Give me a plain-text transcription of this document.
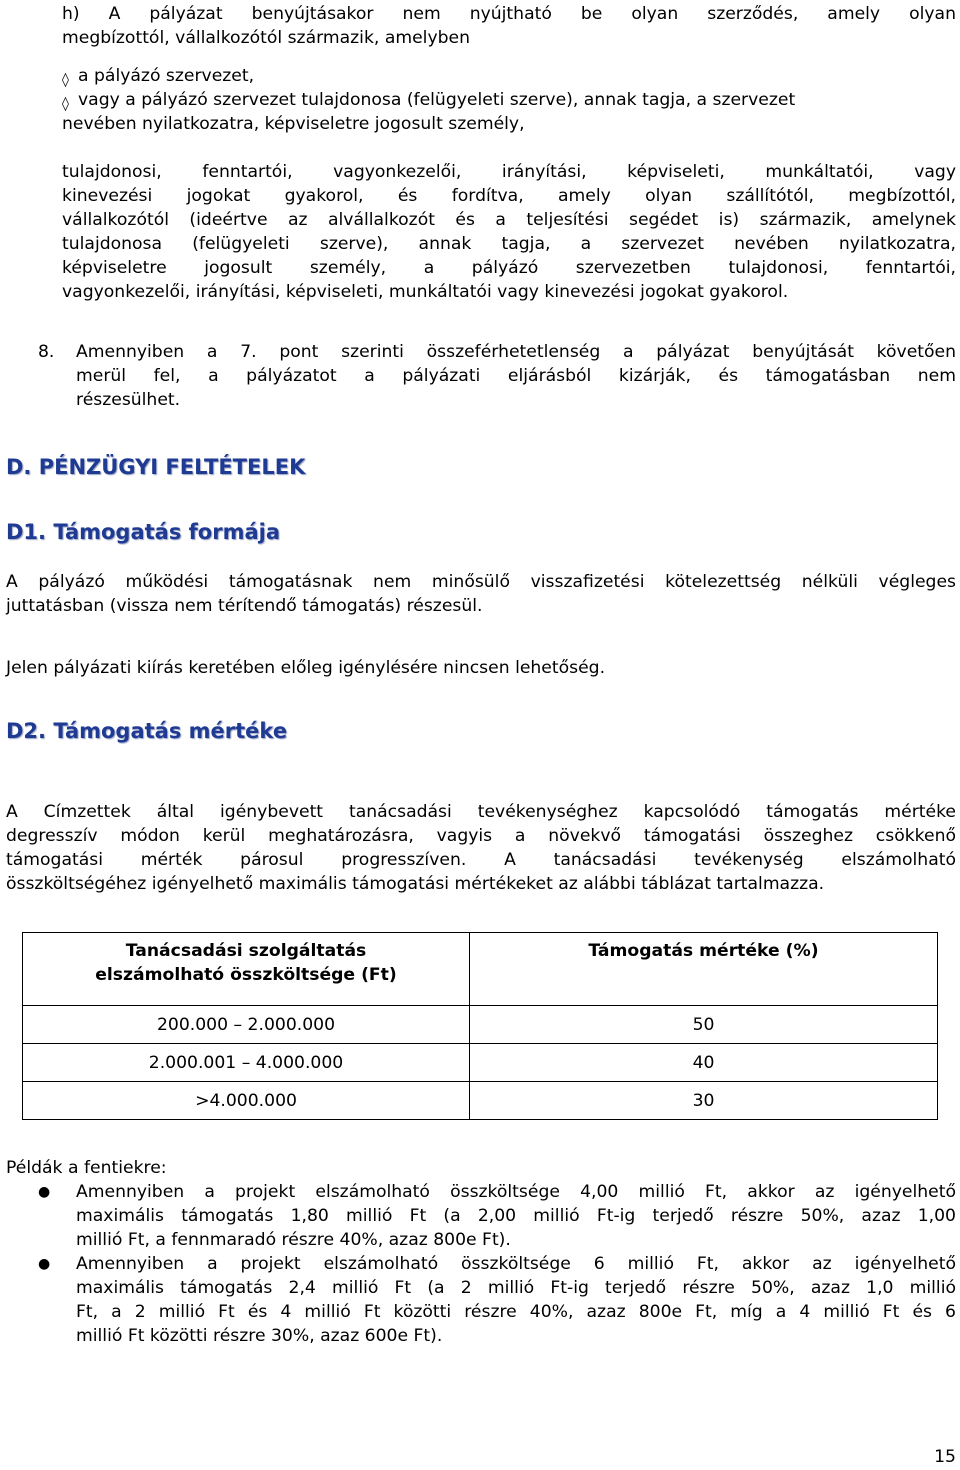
h) A pályázat benyújtásakor nem nyújtható be olyan szerződés, amely olyan
megbízottól, vállalkozótól származik, amelyben
◊ a pályázó szervezet,
◊ vagy a pályázó szervezet tulajdonosa (felügyeleti szerve), annak tagja, a szervezet
nevében nyilatkozatra, képviseletre jogosult személy,
tulajdonosi, fenntartói, vagyonkezelői, irányítási, képviseleti, munkáltatói, vagy
kinevezési jogokat gyakorol, és fordítva, amely olyan szállítótól, megbízottól,
vállalkozótól (ideértve az alvállalkozót és a teljesítési segédet is) származik, amelynek
tulajdonosa (felügyeleti szerve), annak tagja, a szervezet nevében nyilatkozatra,
képviseletre jogosult személy, a pályázó szervezetben tulajdonosi, fenntartói,
vagyonkezelői, irányítási, képviseleti, munkáltatói vagy kinevezési jogokat gyakorol.
8. Amennyiben a 7. pont szerinti összeférhetetlenség a pályázat benyújtását követően
merül fel, a pályázatot a pályázati eljárásból kizárják, és támogatásban nem
részesülhet.
D. PÉNZÜGYI FELTÉTELEK
D1. Támogatás formája
A pályázó működési támogatásnak nem minősülő visszafizetési kötelezettség nélküli végleges
juttatásban (vissza nem térítendő támogatás) részesül.
Jelen pályázati kiírás keretében előleg igénylésére nincsen lehetőség.
D2. Támogatás mértéke
A Címzettek által igénybevett tanácsadási tevékenységhez kapcsolódó támogatás mértéke
degresszív módon kerül meghatározásra, vagyis a növekvő támogatási összeghez csökkenő
támogatási mérték párosul progresszíven. A tanácsadási tevékenység elszámolható
összköltségéhez igényelhető maximális támogatási mértékeket az alábbi táblázat tartalmazza.
Tanácsadási szolgáltatás
elszámolható összköltsége (Ft)	Támogatás mértéke (%)
200.000 – 2.000.000	50
2.000.001 – 4.000.000	40
>4.000.000	30
Példák a fentiekre:
● Amennyiben a projekt elszámolható összköltsége 4,00 millió Ft, akkor az igényelhető
maximális támogatás 1,80 millió Ft (a 2,00 millió Ft-ig terjedő részre 50%, azaz 1,00
millió Ft, a fennmaradó részre 40%, azaz 800e Ft).
● Amennyiben a projekt elszámolható összköltsége 6 millió Ft, akkor az igényelhető
maximális támogatás 2,4 millió Ft (a 2 millió Ft-ig terjedő részre 50%, azaz 1,0 millió
Ft, a 2 millió Ft és 4 millió Ft közötti részre 40%, azaz 800e Ft, míg a 4 millió Ft és 6
millió Ft közötti részre 30%, azaz 600e Ft).
15
